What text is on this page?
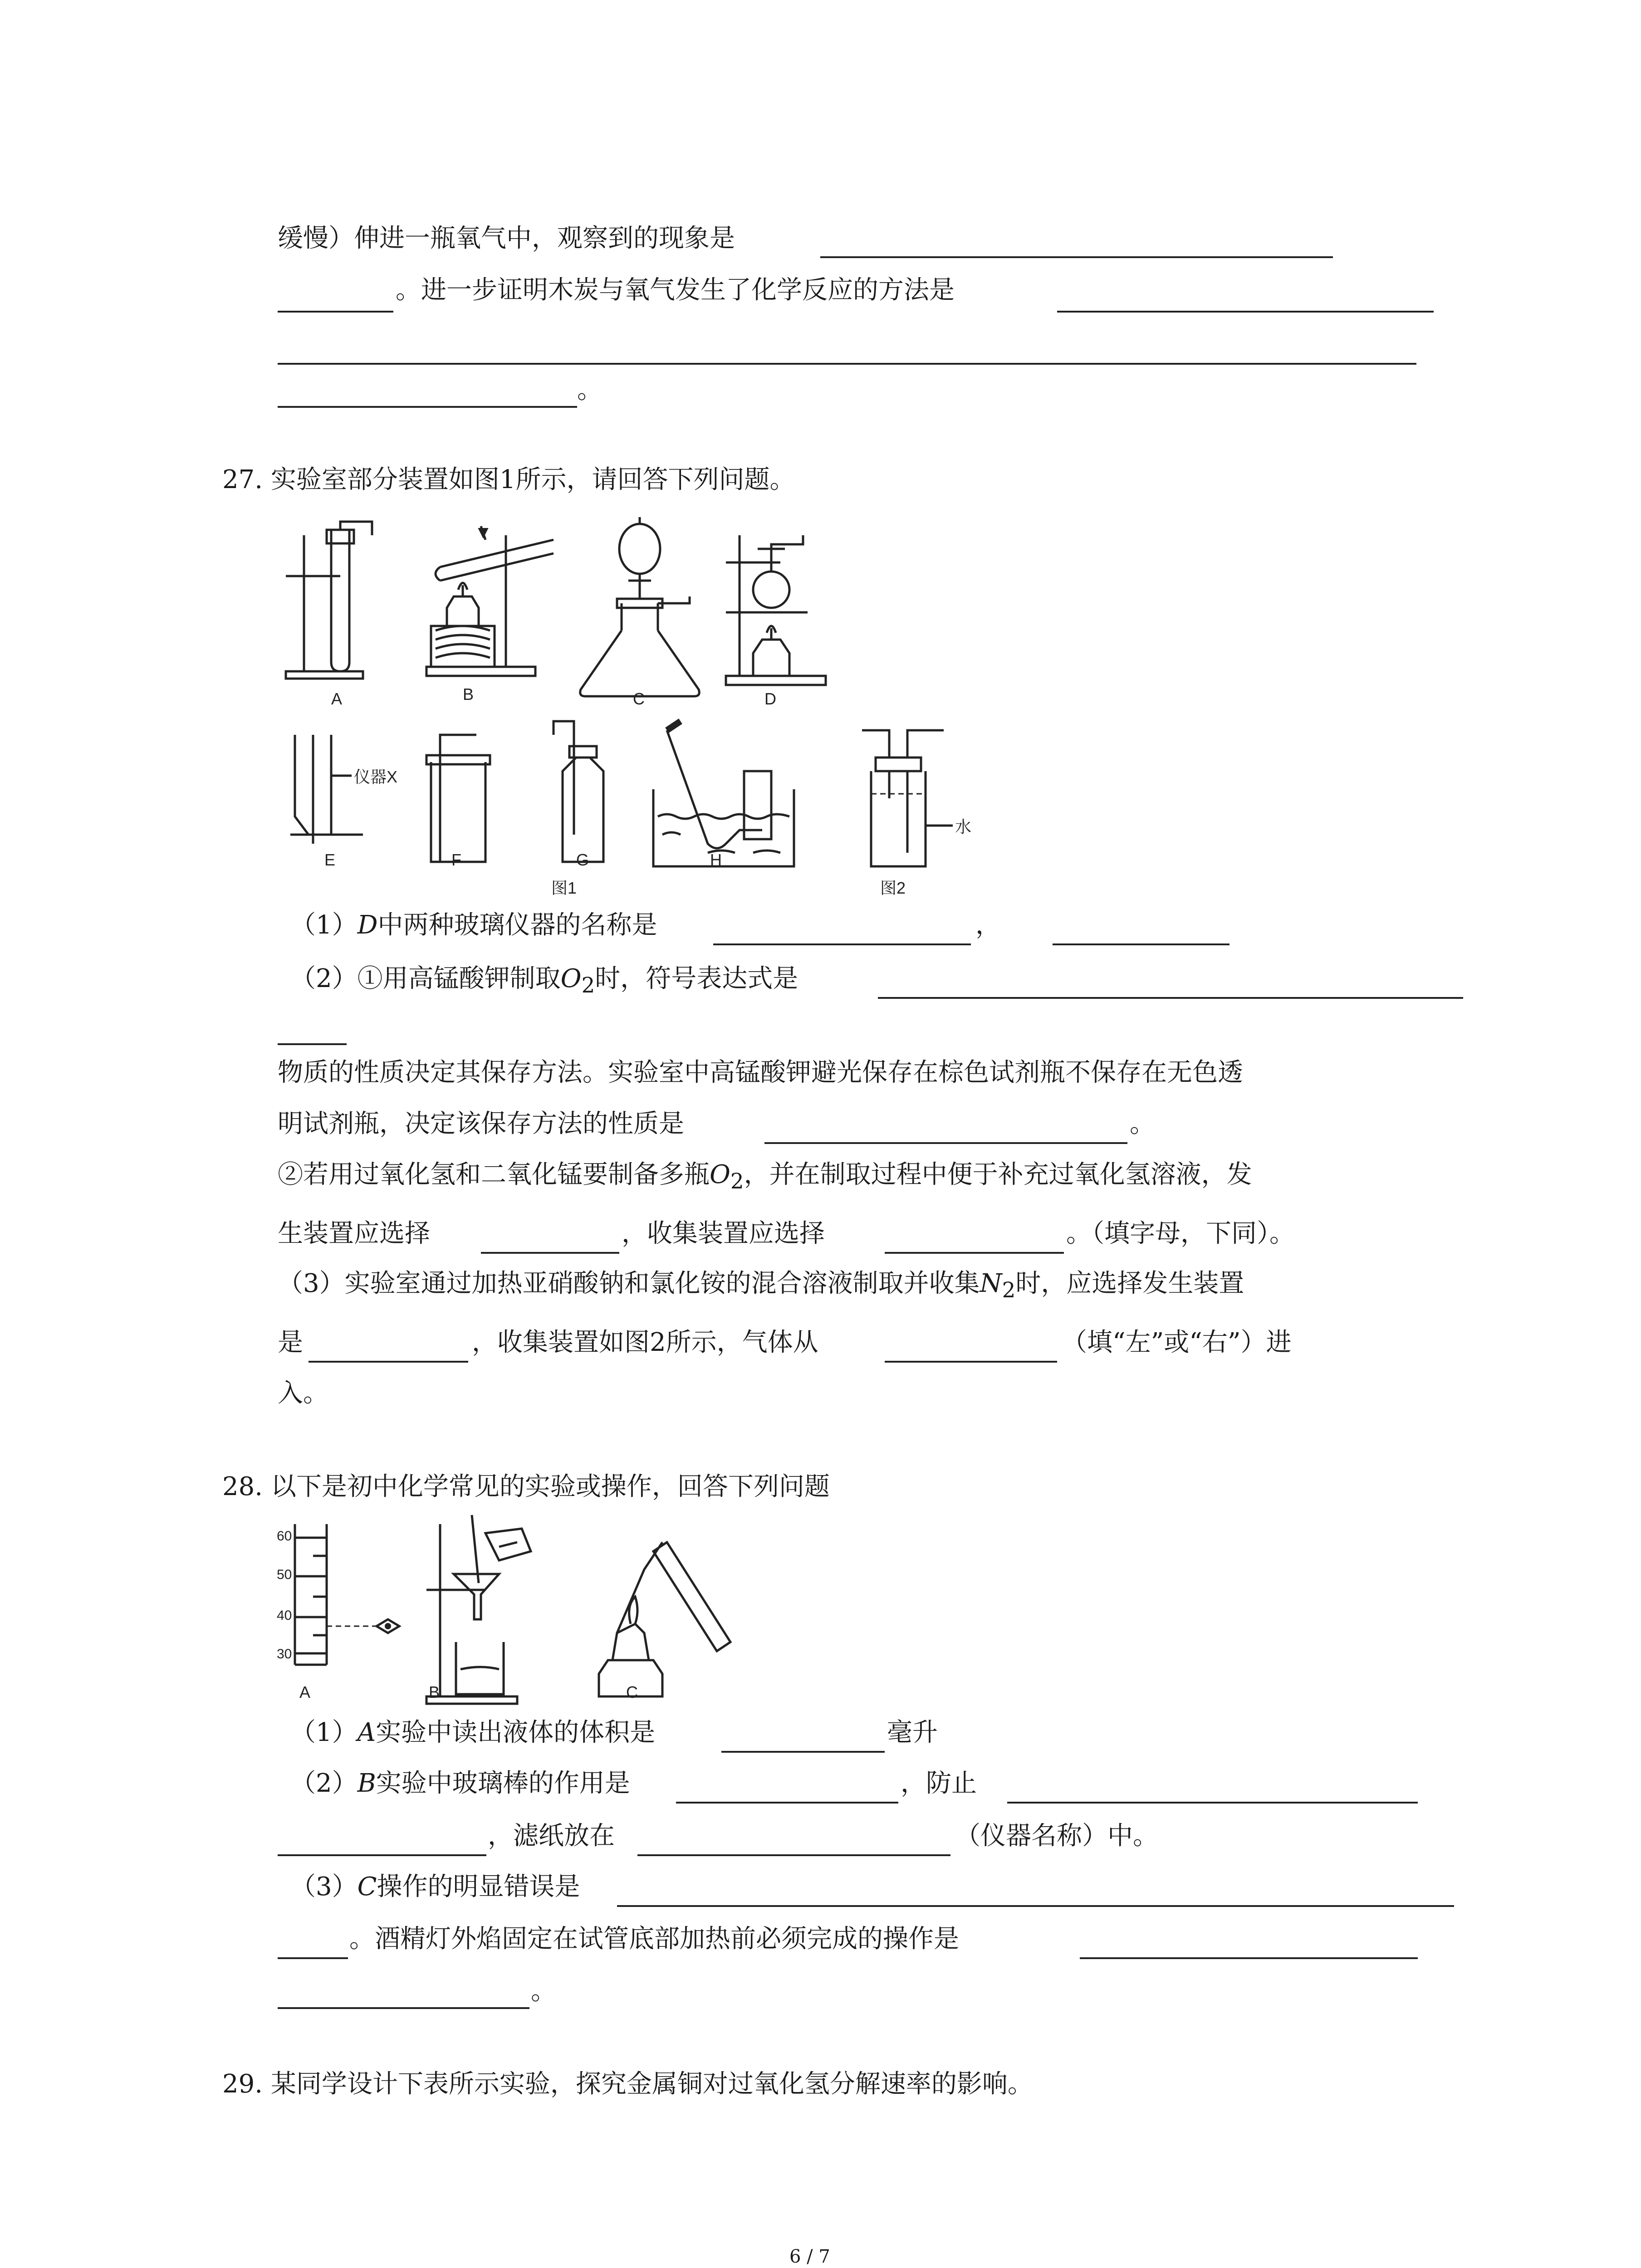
缓慢）伸进一瓶氧气中，观察到的现象是
。进一步证明木炭与氧气发生了化学反应的方法是
。
27. 实验室部分装置如图1所示，请回答下列问题。
A	B	C	D
E	F	G	H
仪器X
水
图1	图2
（1）D中两种玻璃仪器的名称是	，
（2）①用高锰酸钾制取$O_2$时，符号表达式是
物质的性质决定其保存方法。实验室中高锰酸钾避光保存在棕色试剂瓶不保存在无色透
明试剂瓶，决定该保存方法的性质是	。
②若用过氧化氢和二氧化锰要制备多瓶$O_2$，并在制取过程中便于补充过氧化氢溶液，发
生装置应选择	，收集装置应选择	。（填字母，下同）。
（3）实验室通过加热亚硝酸钠和氯化铵的混合溶液制取并收集$N_2$时，应选择发生装置
是	，收集装置如图2所示，气体从	（填“左”或“右”）进
入。
28. 以下是初中化学常见的实验或操作，回答下列问题
60
50
40
30
A	B	C
（1）A实验中读出液体的体积是	毫升
（2）B实验中玻璃棒的作用是	，防止
，滤纸放在	（仪器名称）中。
（3）C操作的明显错误是
。酒精灯外焰固定在试管底部加热前必须完成的操作是
。
29. 某同学设计下表所示实验，探究金属铜对过氧化氢分解速率的影响。
6 / 7
